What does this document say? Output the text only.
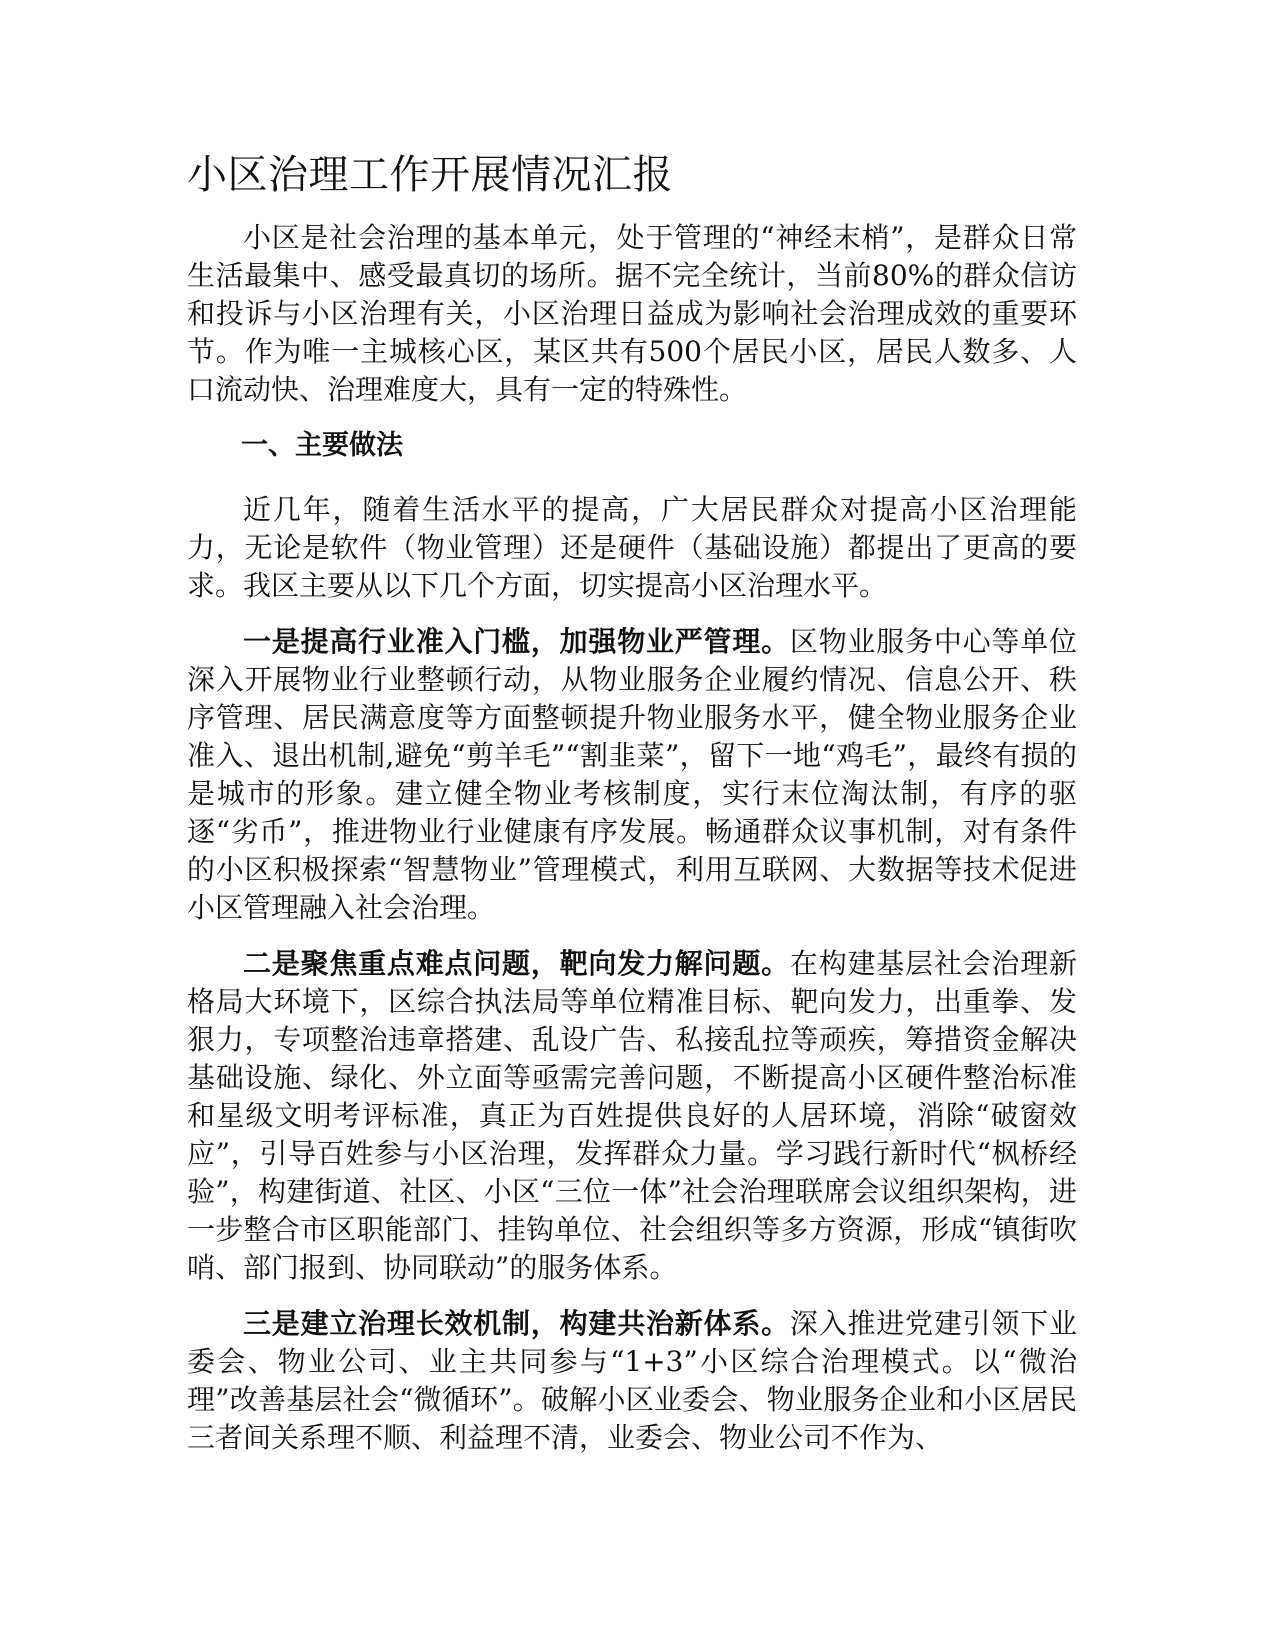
小区治理工作开展情况汇报

小区是社会治理的基本单元，处于管理的“神经末梢”，是群众日常生活最集中、感受最真切的场所。据不完全统计，当前80%的群众信访和投诉与小区治理有关，小区治理日益成为影响社会治理成效的重要环节。作为唯一主城核心区，某区共有500个居民小区，居民人数多、人口流动快、治理难度大，具有一定的特殊性。

一、主要做法

近几年，随着生活水平的提高，广大居民群众对提高小区治理能力，无论是软件（物业管理）还是硬件（基础设施）都提出了更高的要求。我区主要从以下几个方面，切实提高小区治理水平。

一是提高行业准入门槛，加强物业严管理。区物业服务中心等单位深入开展物业行业整顿行动，从物业服务企业履约情况、信息公开、秩序管理、居民满意度等方面整顿提升物业服务水平，健全物业服务企业准入、退出机制,避免“剪羊毛”“割韭菜”，留下一地“鸡毛”，最终有损的是城市的形象。建立健全物业考核制度，实行末位淘汰制，有序的驱逐“劣币”，推进物业行业健康有序发展。畅通群众议事机制，对有条件的小区积极探索“智慧物业”管理模式，利用互联网、大数据等技术促进小区管理融入社会治理。

二是聚焦重点难点问题，靶向发力解问题。在构建基层社会治理新格局大环境下，区综合执法局等单位精准目标、靶向发力，出重拳、发狠力，专项整治违章搭建、乱设广告、私接乱拉等顽疾，筹措资金解决基础设施、绿化、外立面等亟需完善问题，不断提高小区硬件整治标准和星级文明考评标准，真正为百姓提供良好的人居环境，消除“破窗效应”，引导百姓参与小区治理，发挥群众力量。学习践行新时代“枫桥经验”，构建街道、社区、小区“三位一体”社会治理联席会议组织架构，进一步整合市区职能部门、挂钩单位、社会组织等多方资源，形成“镇街吹哨、部门报到、协同联动”的服务体系。

三是建立治理长效机制，构建共治新体系。深入推进党建引领下业委会、物业公司、业主共同参与“1+3”小区综合治理模式。以“微治理”改善基层社会“微循环”。破解小区业委会、物业服务企业和小区居民三者间关系理不顺、利益理不清，业委会、物业公司不作为、
